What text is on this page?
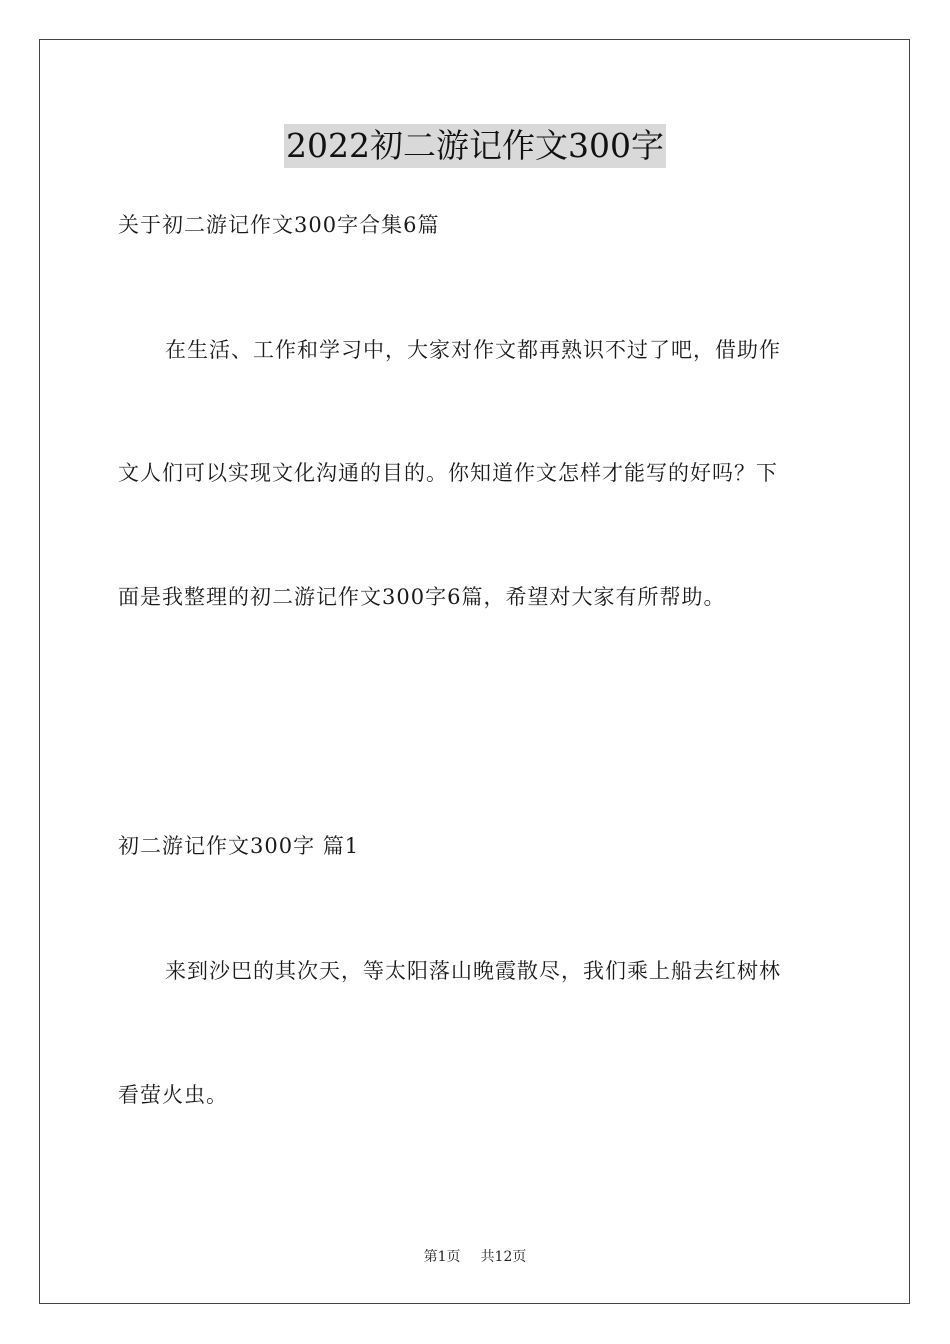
2022初二游记作文300字
关于初二游记作文300字合集6篇
在生活、工作和学习中，大家对作文都再熟识不过了吧，借助作
文人们可以实现文化沟通的目的。你知道作文怎样才能写的好吗？下
面是我整理的初二游记作文300字6篇，希望对大家有所帮助。
初二游记作文300字 篇1
来到沙巴的其次天，等太阳落山晚霞散尽，我们乘上船去红树林
看萤火虫。
第1页 共12页
